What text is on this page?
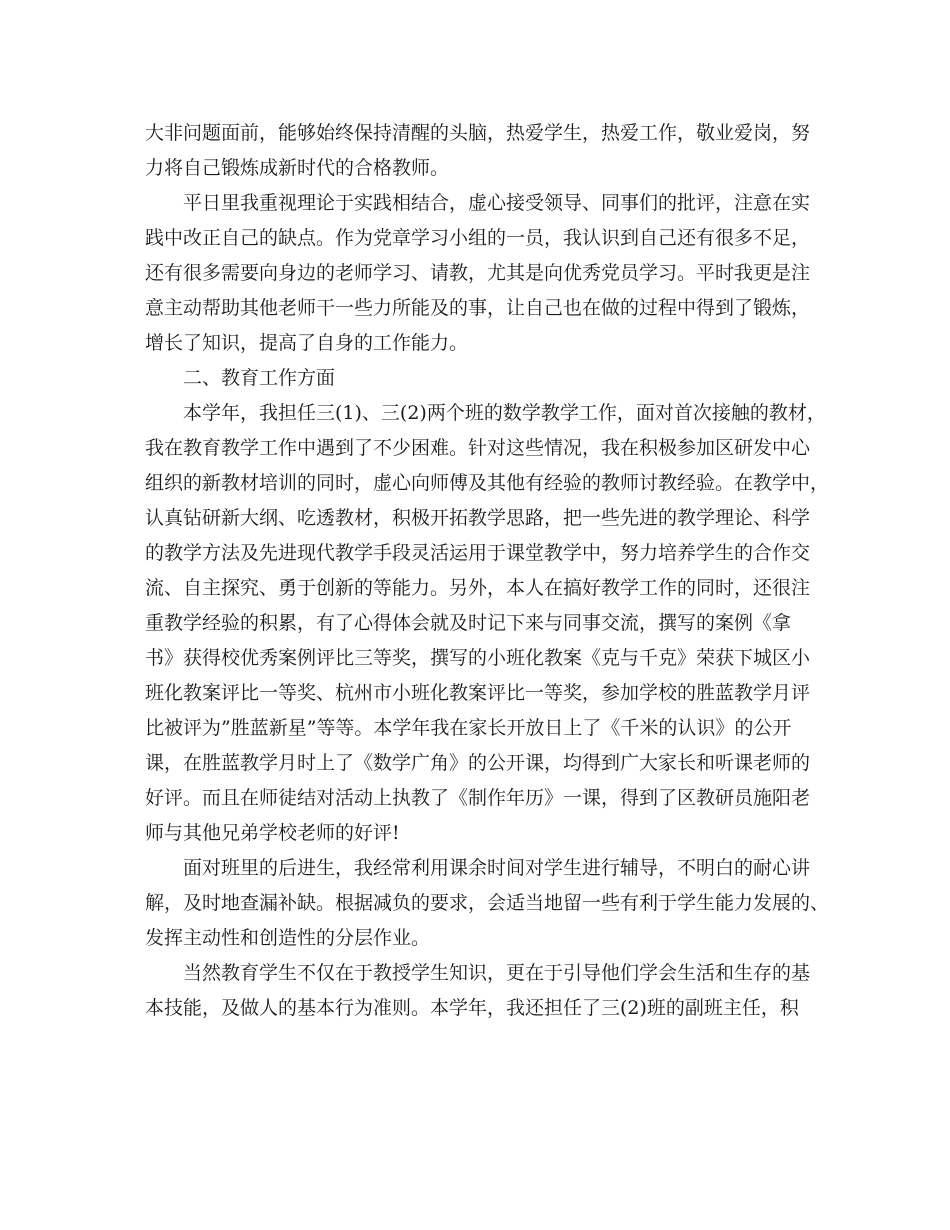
大非问题面前，能够始终保持清醒的头脑，热爱学生，热爱工作，敬业爱岗，努
力将自己锻炼成新时代的合格教师。
平日里我重视理论于实践相结合，虚心接受领导、同事们的批评，注意在实
践中改正自己的缺点。作为党章学习小组的一员，我认识到自己还有很多不足，
还有很多需要向身边的老师学习、请教，尤其是向优秀党员学习。平时我更是注
意主动帮助其他老师干一些力所能及的事，让自己也在做的过程中得到了锻炼，
增长了知识，提高了自身的工作能力。
二、教育工作方面
本学年，我担任三(1)、三(2)两个班的数学教学工作，面对首次接触的教材，
我在教育教学工作中遇到了不少困难。针对这些情况，我在积极参加区研发中心
组织的新教材培训的同时，虚心向师傅及其他有经验的教师讨教经验。在教学中，
认真钻研新大纲、吃透教材，积极开拓教学思路，把一些先进的教学理论、科学
的教学方法及先进现代教学手段灵活运用于课堂教学中，努力培养学生的合作交
流、自主探究、勇于创新的等能力。另外，本人在搞好教学工作的同时，还很注
重教学经验的积累，有了心得体会就及时记下来与同事交流，撰写的案例《拿
书》获得校优秀案例评比三等奖，撰写的小班化教案《克与千克》荣获下城区小
班化教案评比一等奖、杭州市小班化教案评比一等奖，参加学校的胜蓝教学月评
比被评为”胜蓝新星”等等。本学年我在家长开放日上了《千米的认识》的公开
课，在胜蓝教学月时上了《数学广角》的公开课，均得到广大家长和听课老师的
好评。而且在师徒结对活动上执教了《制作年历》一课，得到了区教研员施阳老
师与其他兄弟学校老师的好评!
面对班里的后进生，我经常利用课余时间对学生进行辅导，不明白的耐心讲
解，及时地查漏补缺。根据减负的要求，会适当地留一些有利于学生能力发展的、
发挥主动性和创造性的分层作业。
当然教育学生不仅在于教授学生知识，更在于引导他们学会生活和生存的基
本技能，及做人的基本行为准则。本学年，我还担任了三(2)班的副班主任，积
